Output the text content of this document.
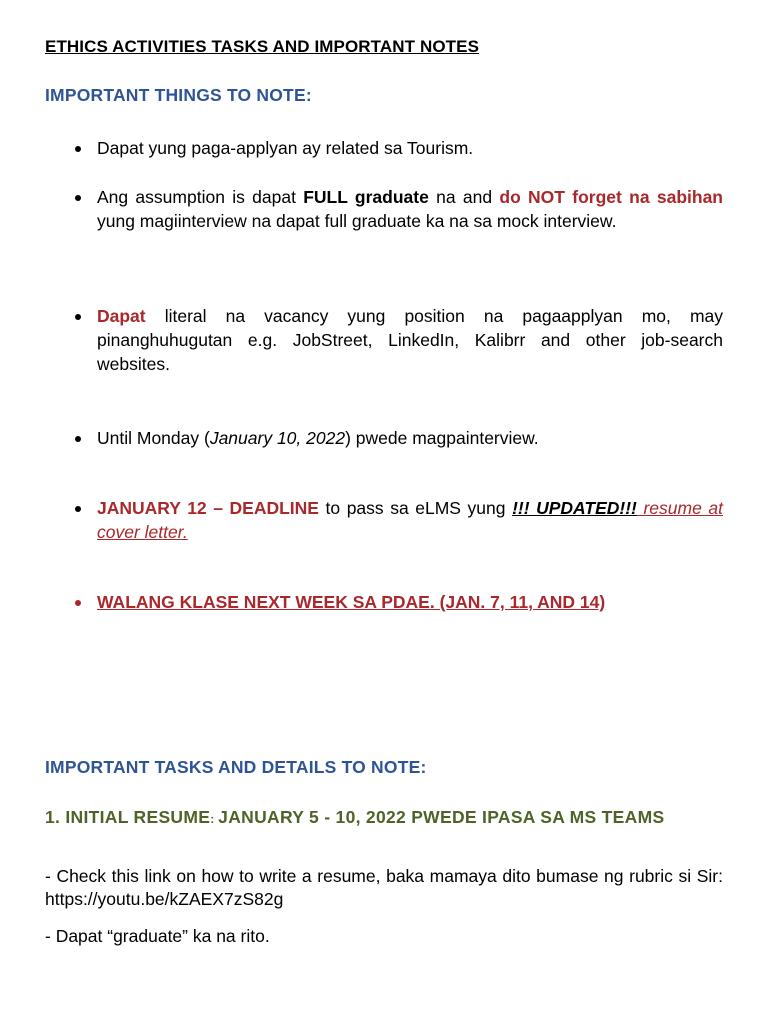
ETHICS ACTIVITIES TASKS AND IMPORTANT NOTES
IMPORTANT THINGS TO NOTE:
Dapat yung paga-applyan ay related sa Tourism.
Ang assumption is dapat FULL graduate na and do NOT forget na sabihan yung magiinterview na dapat full graduate ka na sa mock interview.
Dapat literal na vacancy yung position na pagaapplyan mo, may pinanghuhugutan e.g. JobStreet, LinkedIn, Kalibrr and other job-search websites.
Until Monday (January 10, 2022) pwede magpainterview.
JANUARY 12 – DEADLINE to pass sa eLMS yung !!! UPDATED!!! resume at cover letter.
WALANG KLASE NEXT WEEK SA PDAE. (JAN. 7, 11, AND 14)
IMPORTANT TASKS AND DETAILS TO NOTE:
1. INITIAL RESUME: JANUARY 5 - 10, 2022 PWEDE IPASA SA MS TEAMS
- Check this link on how to write a resume, baka mamaya dito bumase ng rubric si Sir: https://youtu.be/kZAEX7zS82g
- Dapat “graduate” ka na rito.
